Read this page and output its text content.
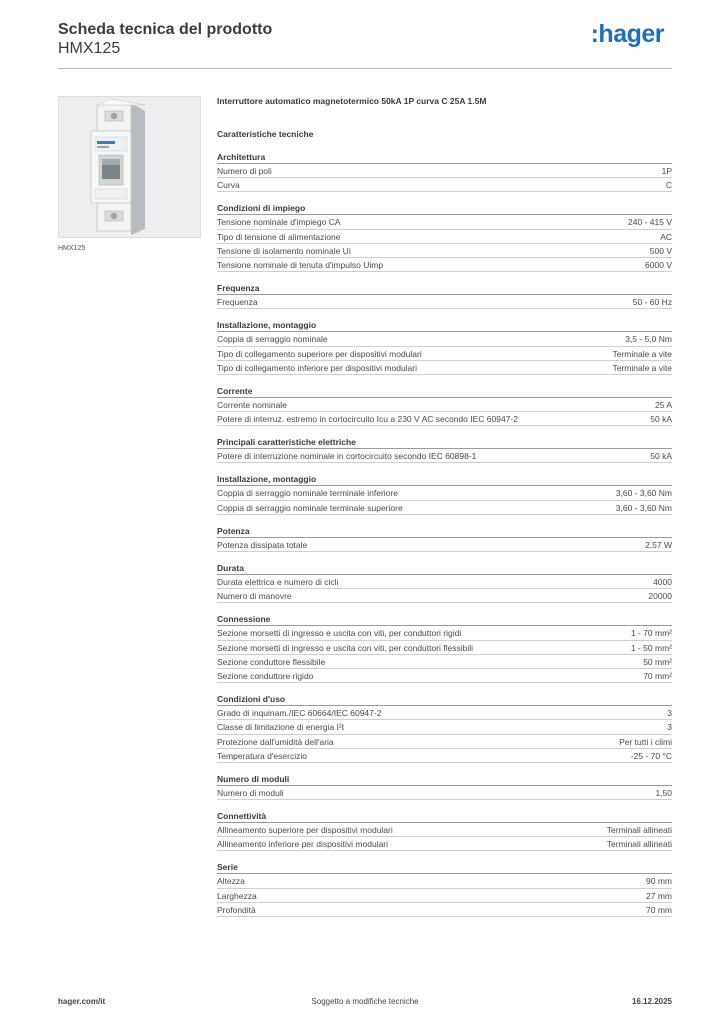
Scheda tecnica del prodotto
HMX125
:hager
HMX125
Interruttore automatico magnetotermico 50kA 1P curva C 25A 1.5M
Caratteristiche tecniche
Architettura
Numero di poli	1P
Curva	C
Condizioni di impiego
Tensione nominale d'impiego CA	240 - 415 V
Tipo di tensione di alimentazione	AC
Tensione di isolamento nominale Ui	500 V
Tensione nominale di tenuta d'impulso Uimp	6000 V
Frequenza
Frequenza	50 - 60 Hz
Installazione, montaggio
Coppia di serraggio nominale	3,5 - 5,0 Nm
Tipo di collegamento superiore per dispositivi modulari	Terminale a vite
Tipo di collegamento inferiore per dispositivi modulari	Terminale a vite
Corrente
Corrente nominale	25 A
Potere di interruz. estremo in cortocircuito Icu a 230 V AC secondo IEC 60947-2	50 kA
Principali caratteristiche elettriche
Potere di interruzione nominale in cortocircuito secondo IEC 60898-1	50 kA
Installazione, montaggio
Coppia di serraggio nominale terminale inferiore	3,60 - 3,60 Nm
Coppia di serraggio nominale terminale superiore	3,60 - 3,60 Nm
Potenza
Potenza dissipata totale	2,57 W
Durata
Durata elettrica e numero di cicli	4000
Numero di manovre	20000
Connessione
Sezione morsetti di ingresso e uscita con viti, per conduttori rigidi	1 - 70 mm²
Sezione morsetti di ingresso e uscita con viti, per conduttori flessibili	1 - 50 mm²
Sezione conduttore flessibile	50 mm²
Sezione conduttore rigido	70 mm²
Condizioni d'uso
Grado di inquinam./IEC 60664/IEC 60947-2	3
Classe di limitazione di energia I²t	3
Protezione dall'umidità dell'aria	Per tutti i climi
Temperatura d'esercizio	-25 - 70 °C
Numero di moduli
Numero di moduli	1,50
Connettività
Allineamento superiore per dispositivi modulari	Terminali allineati
Allineamento inferiore per dispositivi modulari	Terminali allineati
Serie
Altezza	90 mm
Larghezza	27 mm
Profondità	70 mm
hager.com/it	Soggetto a modifiche tecniche	16.12.2025
